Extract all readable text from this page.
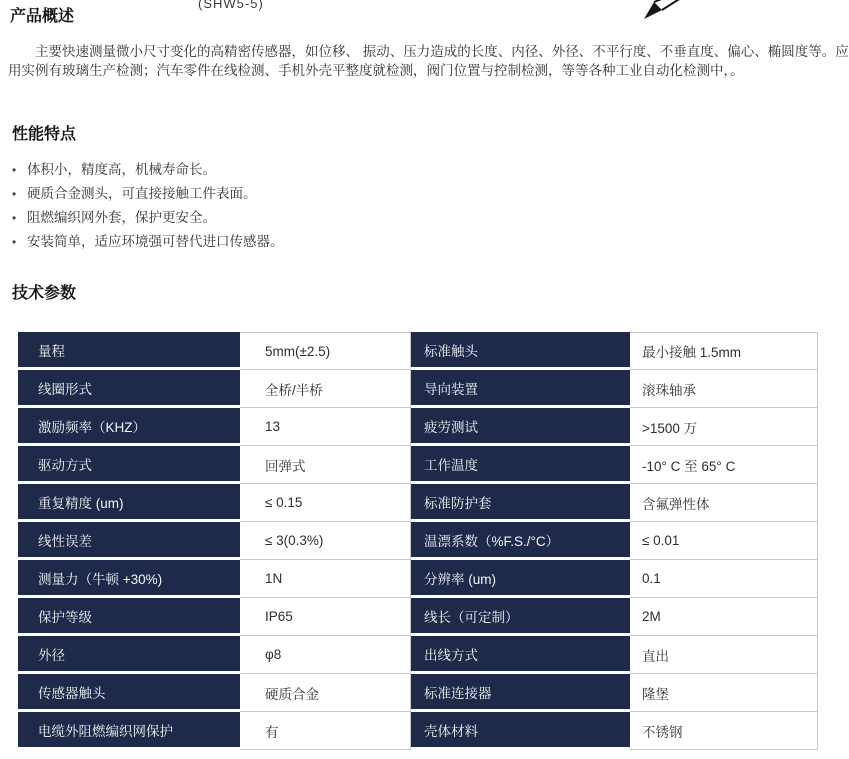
(SHW5-5)
产品概述
主要快速测量微小尺寸变化的高精密传感器，如位移、 振动、压力造成的长度、内径、外径、不平行度、不垂直度、偏心、椭圆度等。应
用实例有玻璃生产检测；汽车零件在线检测、手机外壳平整度就检测，阀门位置与控制检测，等等各种工业自动化检测中，。
性能特点
• 体积小，精度高，机械寿命长。
• 硬质合金测头，可直接接触工件表面。
• 阻燃编织网外套，保护更安全。
• 安装简单，适应环境强可替代进口传感器。
技术参数
量程	5mm(±2.5)	标准触头	最小接触 1.5mm
线圈形式	全桥/半桥	导向装置	滚珠轴承
激励频率（KHZ）	13	疲劳测试	>1500 万
驱动方式	回弹式	工作温度	-10° C 至 65° C
重复精度 (um)	≤ 0.15	标准防护套	含氟弹性体
线性误差	≤ 3(0.3%)	温漂系数（%F.S./°C）	≤ 0.01
测量力（牛顿 +30%)	1N	分辨率 (um)	0.1
保护等级	IP65	线长（可定制）	2M
外径	φ8	出线方式	直出
传感器触头	硬质合金	标准连接器	隆堡
电缆外阻燃编织网保护	有	壳体材料	不锈钢
